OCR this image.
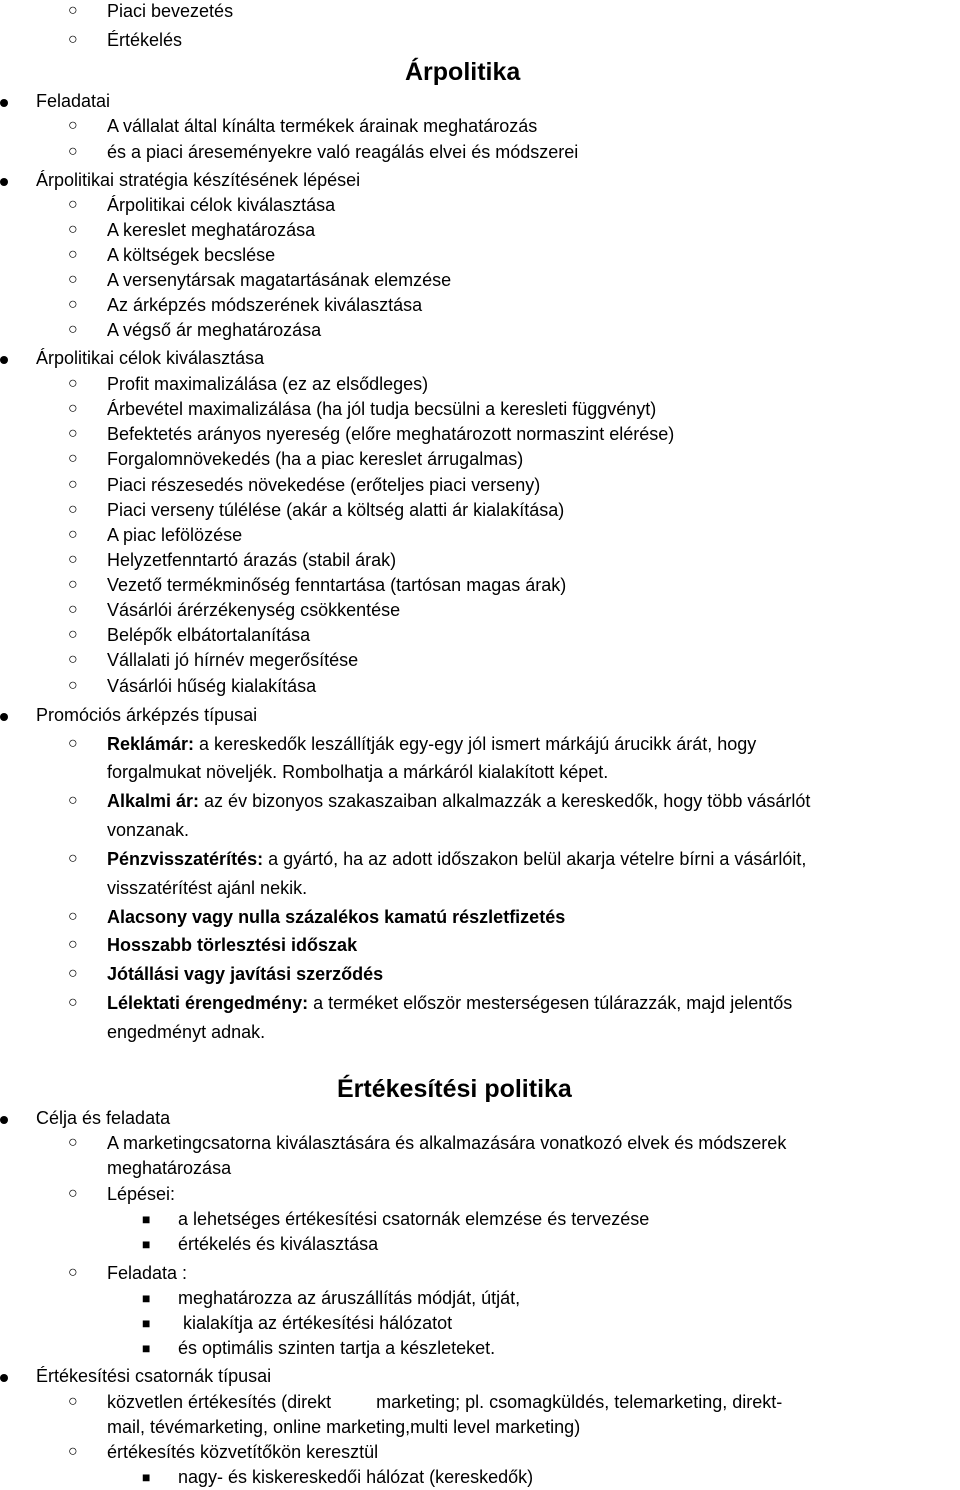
○ Piaci bevezetés
○ Értékelés
Árpolitika
Feladatai
○ A vállalat által kínálta termékek árainak meghatározás
○ és a piaci áreseményekre való reagálás elvei és módszerei
Árpolitikai stratégia készítésének lépései
○ Árpolitikai célok kiválasztása
○ A kereslet meghatározása
○ A költségek becslése
○ A versenytársak magatartásának elemzése
○ Az árképzés módszerének kiválasztása
○ A végső ár meghatározása
Árpolitikai célok kiválasztása
○ Profit maximalizálása (ez az elsődleges)
○ Árbevétel maximalizálása (ha jól tudja becsülni a keresleti függvényt)
○ Befektetés arányos nyereség (előre meghatározott normaszint elérése)
○ Forgalomnövekedés (ha a piac kereslet árrugalmas)
○ Piaci részesedés növekedése (erőteljes piaci verseny)
○ Piaci verseny túlélése (akár a költség alatti ár kialakítása)
○ A piac lefölözése
○ Helyzetfenntartó árazás (stabil árak)
○ Vezető termékminőség fenntartása (tartósan magas árak)
○ Vásárlói árérzékenység csökkentése
○ Belépők elbátortalanítása
○ Vállalati jó hírnév megerősítése
○ Vásárlói hűség kialakítása
Promóciós árképzés típusai
○ Reklámár: a kereskedők leszállítják egy-egy jól ismert márkájú árucikk árát, hogy
forgalmukat növeljék. Rombolhatja a márkáról kialakított képet.
○ Alkalmi ár: az év bizonyos szakaszaiban alkalmazzák a kereskedők, hogy több vásárlót
vonzanak.
○ Pénzvisszatérítés: a gyártó, ha az adott időszakon belül akarja vételre bírni a vásárlóit,
visszatérítést ajánl nekik.
○ Alacsony vagy nulla százalékos kamatú részletfizetés
○ Hosszabb törlesztési időszak
○ Jótállási vagy javítási szerződés
○ Lélektati érengedmény: a terméket először mesterségesen túlárazzák, majd jelentős
engedményt adnak.
Értékesítési politika
Célja és feladata
○ A marketingcsatorna kiválasztására és alkalmazására vonatkozó elvek és módszerek
meghatározása
○ Lépései:
■ a lehetséges értékesítési csatornák elemzése és tervezése
■ értékelés és kiválasztása
○ Feladata :
■ meghatározza az áruszállítás módját, útját,
■ kialakítja az értékesítési hálózatot
■ és optimális szinten tartja a készleteket.
Értékesítési csatornák típusai
○ közvetlen értékesítés (direkt         marketing; pl. csomagküldés, telemarketing, direkt-
mail, tévémarketing, online marketing,multi level marketing)
○ értékesítés közvetítőkön keresztül
■ nagy- és kiskereskedői hálózat (kereskedők)
